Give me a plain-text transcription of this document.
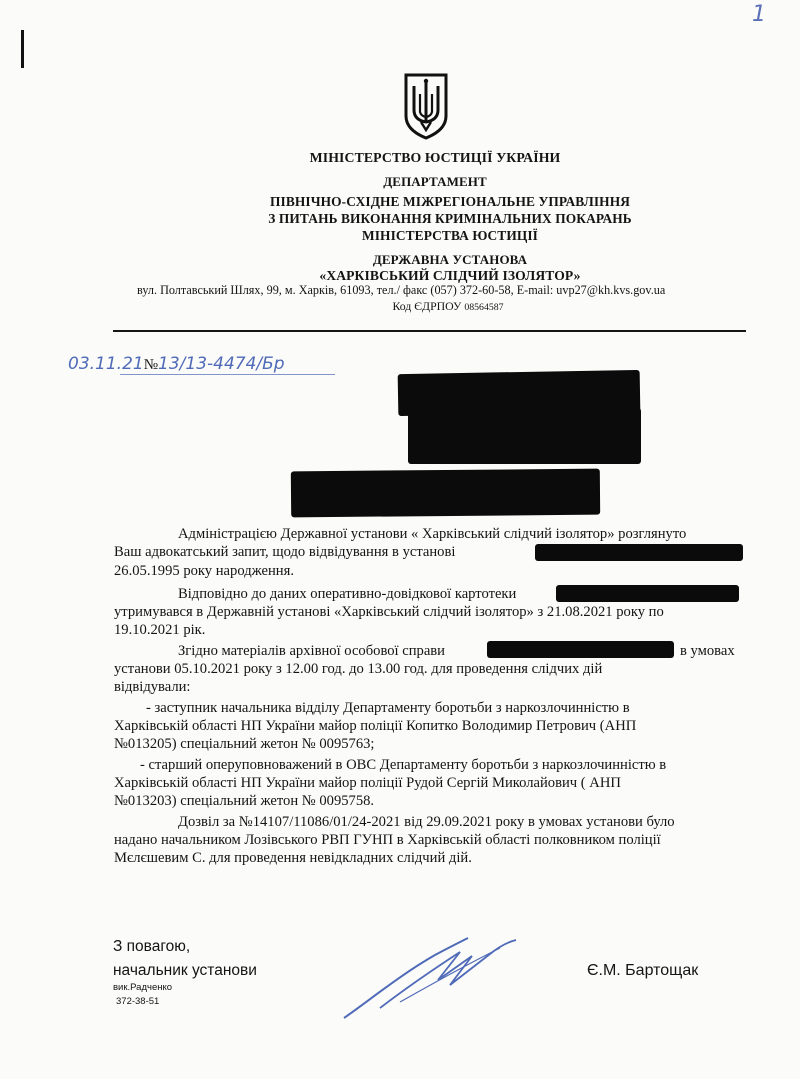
1
МІНІСТЕРСТВО ЮСТИЦІЇ УКРАЇНИ
ДЕПАРТАМЕНТ
ПІВНІЧНО-СХІДНЕ МІЖРЕГІОНАЛЬНЕ УПРАВЛІННЯ
З ПИТАНЬ ВИКОНАННЯ КРИМІНАЛЬНИХ ПОКАРАНЬ
МІНІСТЕРСТВА ЮСТИЦІЇ
ДЕРЖАВНА УСТАНОВА
«ХАРКІВСЬКИЙ СЛІДЧИЙ ІЗОЛЯТОР»
вул. Полтавський Шлях, 99, м. Харків, 61093, тел./ факс (057) 372-60-58, E-mail: uvp27@kh.kvs.gov.ua
Код ЄДРПОУ 08564587
03.11.21№13/13-4474/Бр
Адміністрацією Державної установи « Харківський слідчий ізолятор» розглянуто
Ваш адвокатський запит, щодо відвідування в установі
26.05.1995 року народження.
Відповідно до даних оперативно-довідкової картотеки
утримувався в Державній установі «Харківський слідчий ізолятор» з 21.08.2021 року по
19.10.2021 рік.
Згідно матеріалів архівної особової справи	в умовах
установи 05.10.2021 року з 12.00 год. до 13.00 год. для проведення слідчих дій
відвідували:
- заступник начальника відділу Департаменту боротьби з наркозлочинністю в
Харківській області НП України майор поліції Копитко Володимир Петрович (АНП
№013205) спеціальний жетон № 0095763;
- старший оперуповноважений в ОВС Департаменту боротьби з наркозлочинністю в
Харківській області НП України майор поліції Рудой Сергій Миколайович ( АНП
№013203) спеціальний жетон № 0095758.
Дозвіл за №14107/11086/01/24-2021 від 29.09.2021 року в умовах установи було
надано начальником Лозівського РВП ГУНП в Харківській області полковником поліції
Мєлєшевим С. для проведення невідкладних слідчий дій.
З повагою,
начальник установи
вик.Радченко
372-38-51
Є.М. Бартощак
